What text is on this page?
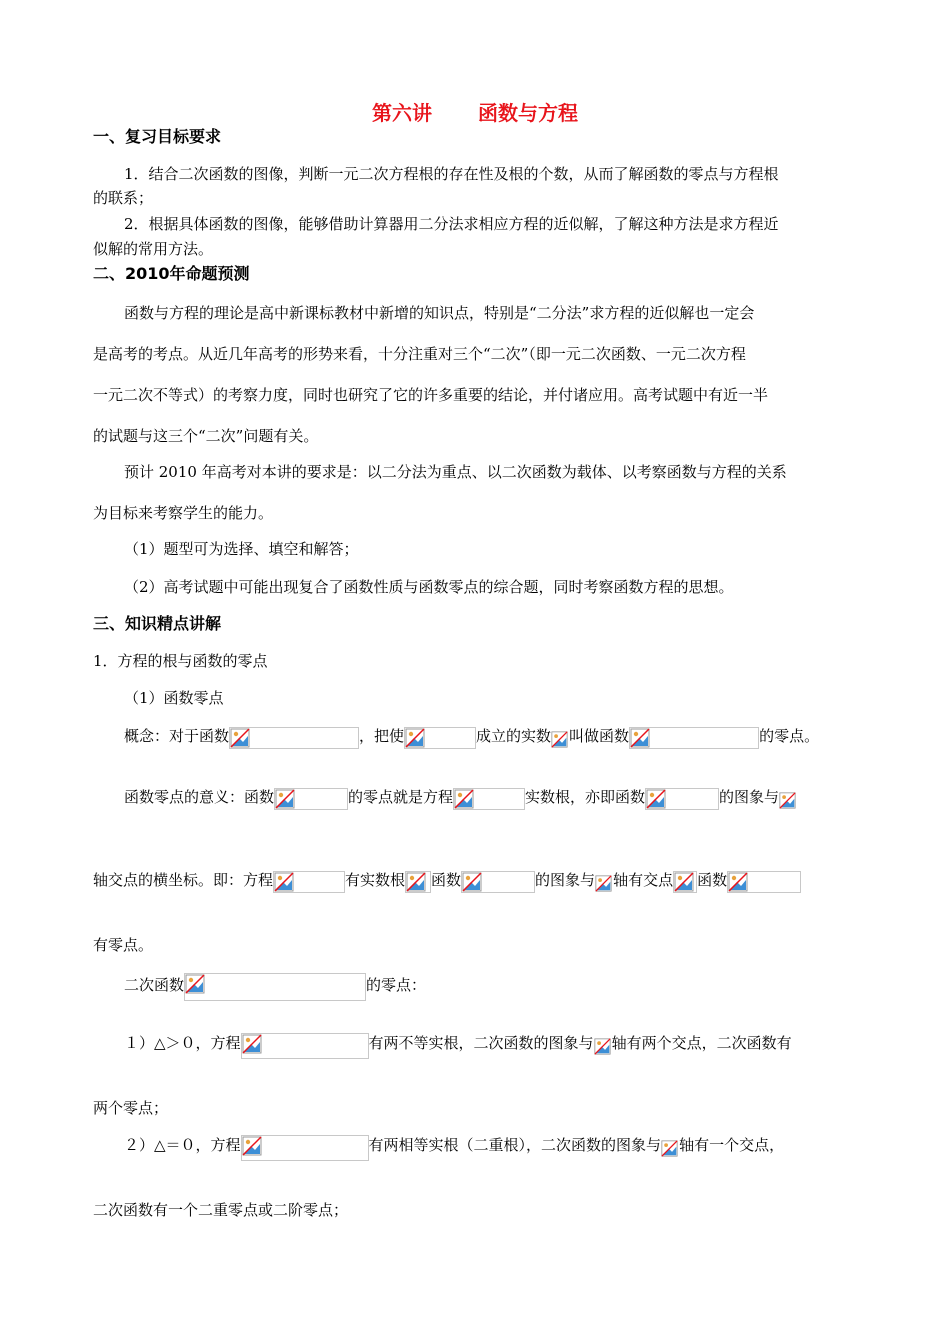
第六讲 函数与方程
一、复习目标要求
1．结合二次函数的图像，判断一元二次方程根的存在性及根的个数，从而了解函数的零点与方程根
的联系；
2．根据具体函数的图像，能够借助计算器用二分法求相应方程的近似解，了解这种方法是求方程近
似解的常用方法。
二、2010年命题预测
函数与方程的理论是高中新课标教材中新增的知识点，特别是“二分法”求方程的近似解也一定会
是高考的考点。从近几年高考的形势来看，十分注重对三个“二次”（即一元二次函数、一元二次方程
一元二次不等式）的考察力度，同时也研究了它的许多重要的结论，并付诸应用。高考试题中有近一半
的试题与这三个“二次”问题有关。
预计 2010 年高考对本讲的要求是：以二分法为重点、以二次函数为载体、以考察函数与方程的关系
为目标来考察学生的能力。
（1）题型可为选择、填空和解答；
（2）高考试题中可能出现复合了函数性质与函数零点的综合题，同时考察函数方程的思想。
三、知识精点讲解
1．方程的根与函数的零点
（1）函数零点
概念：对于函数	，把使	成立的实数 叫做函数	的零点。
函数零点的意义：函数	的零点就是方程	实数根，亦即函数	的图象与
轴交点的横坐标。即：方程	有实数根 函数	的图象与 轴有交点 函数
有零点。
二次函数	的零点：
１）△＞０，方程	有两不等实根，二次函数的图象与 轴有两个交点，二次函数有
两个零点；
２）△＝０，方程	有两相等实根（二重根），二次函数的图象与 轴有一个交点，
二次函数有一个二重零点或二阶零点；
